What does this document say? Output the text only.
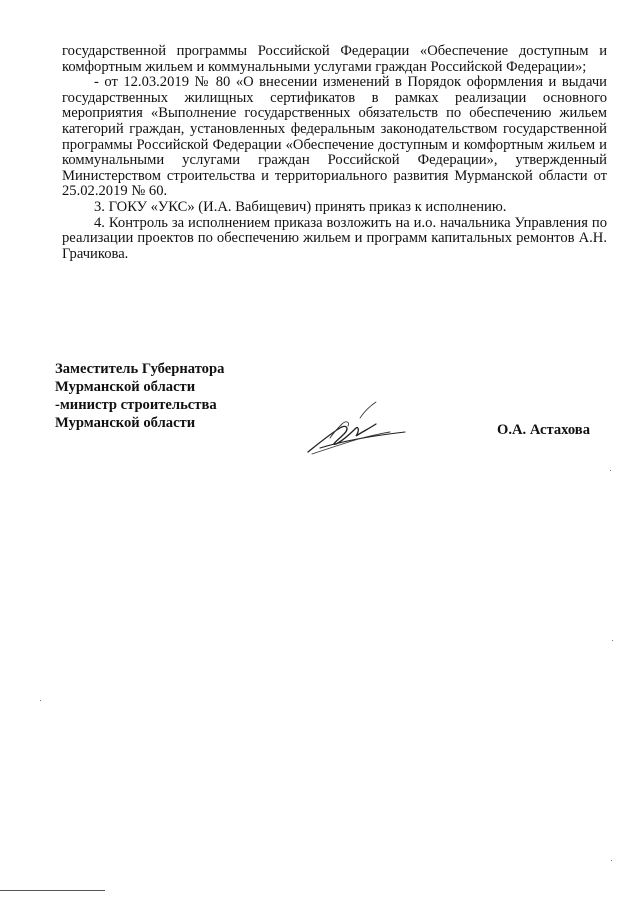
государственной программы Российской Федерации «Обеспечение доступным и комфортным жильем и коммунальными услугами граждан Российской Федерации»;

- от 12.03.2019 № 80 «О внесении изменений в Порядок оформления и выдачи государственных жилищных сертификатов в рамках реализации основного мероприятия «Выполнение государственных обязательств по обеспечению жильем категорий граждан, установленных федеральным законодательством государственной программы Российской Федерации «Обеспечение доступным и комфортным жильем и коммунальными услугами граждан Российской Федерации», утвержденный Министерством строительства и территориального развития Мурманской области от 25.02.2019 № 60.

3. ГОКУ «УКС» (И.А. Вабищевич) принять приказ к исполнению.

4. Контроль за исполнением приказа возложить на и.о. начальника Управления по реализации проектов по обеспечению жильем и программ капитальных ремонтов А.Н. Грачикова.

Заместитель Губернатора
Мурманской области
-министр строительства
Мурманской области	О.А. Астахова
